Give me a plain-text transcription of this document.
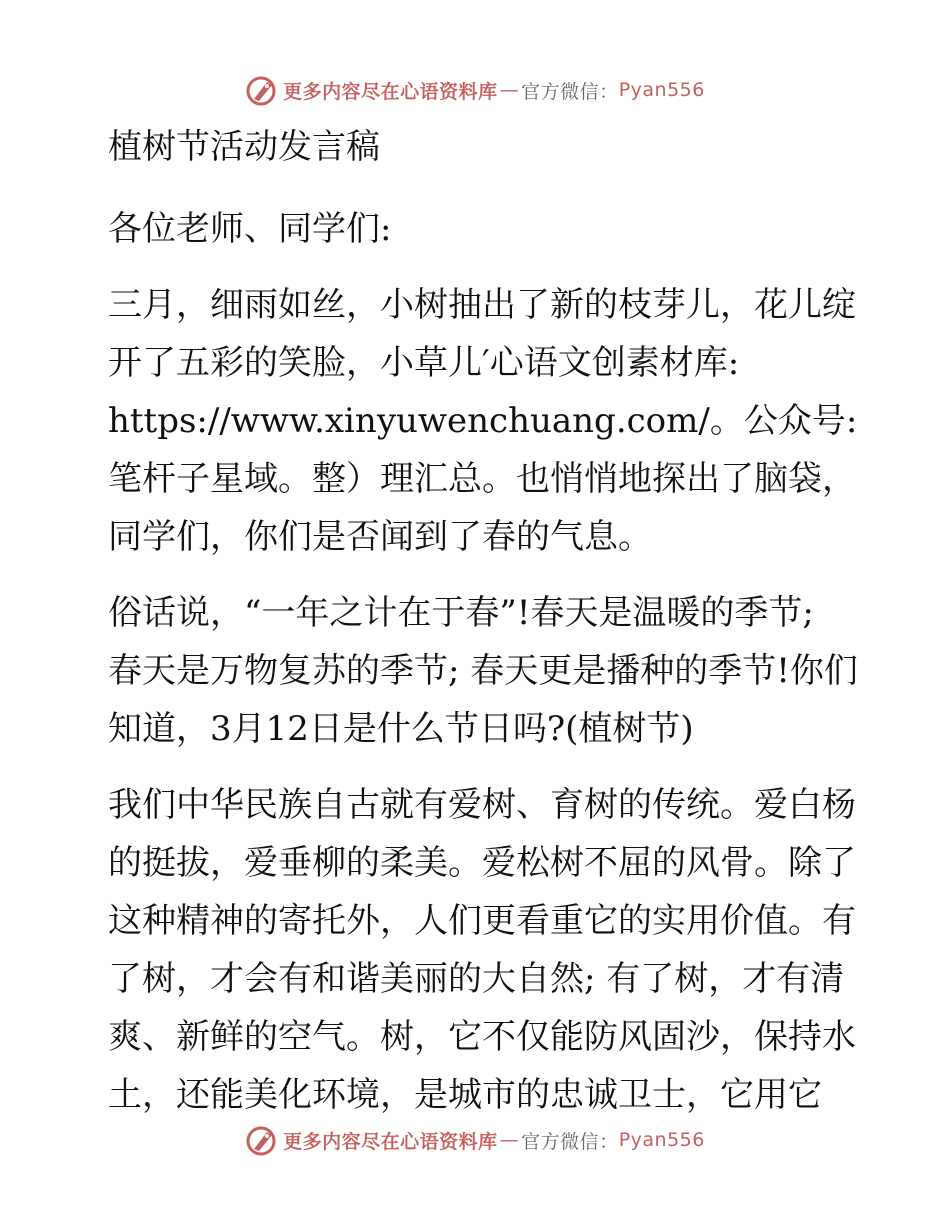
更多内容尽在心语资料库 — 官方微信： Pyan556

植树节活动发言稿

各位老师、同学们:

三月，细雨如丝，小树抽出了新的枝芽儿，花儿绽开了五彩的笑脸，小草儿′心语文创素材库: https://www.xinyuwenchuang.com/。公众号: 笔杆子星域。整）理汇总。也悄悄地探出了脑袋，同学们，你们是否闻到了春的气息。

俗话说，“一年之计在于春”!春天是温暖的季节; 春天是万物复苏的季节; 春天更是播种的季节!你们知道，3月12日是什么节日吗?(植树节)

我们中华民族自古就有爱树、育树的传统。爱白杨的挺拔，爱垂柳的柔美。爱松树不屈的风骨。除了这种精神的寄托外，人们更看重它的实用价值。有了树，才会有和谐美丽的大自然; 有了树，才有清爽、新鲜的空气。树，它不仅能防风固沙，保持水土，还能美化环境，是城市的忠诚卫士，它用它

更多内容尽在心语资料库 — 官方微信： Pyan556
